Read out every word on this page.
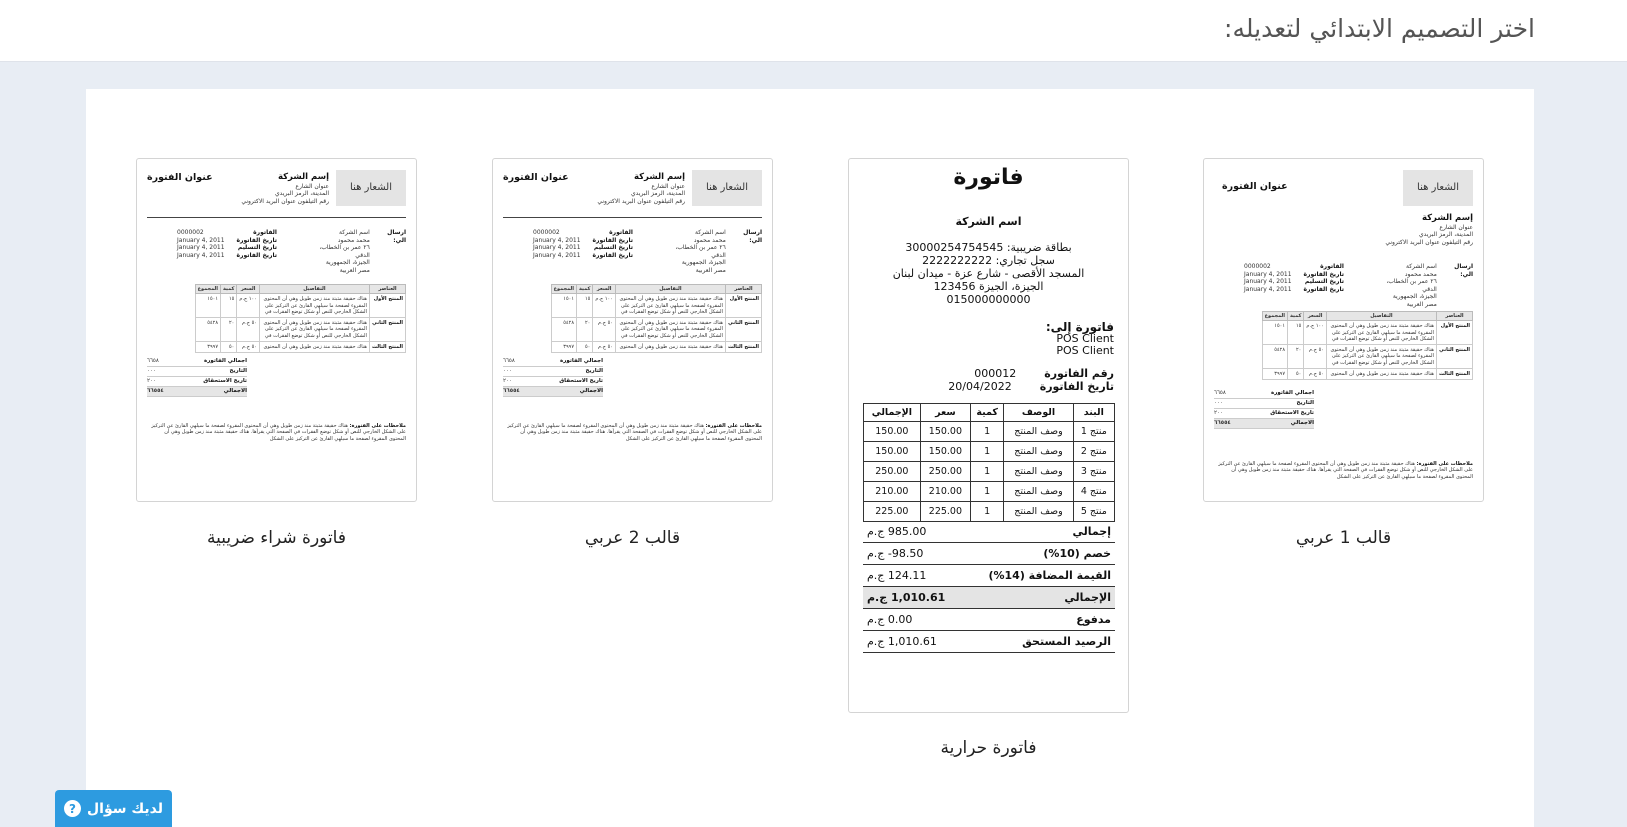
اختر التصميم الابتدائي لتعديله:
الشعار هنا
عنوان الفتورة
إسم الشركة
عنوان الشارع
المدينة، الرمز البريدي
رقم التيلفون عنوان البريد الاكتروني
ارسال الي:
اسم الشركة
محمد محمود
٢٦ عمر بن الخطاب، الدقي
الجيزة، الجمهورية
مصر العربية
الفاتورة
0000002
تاريخ الفاتورة
January 4, 2011
تاريخ التسليم
January 4, 2011
تاريخ الفاتورة
January 4, 2011
العناصر	التفاصيل	السعر	كمية	المجموع
المنتج الأول	هناك حقيقة مثبتة منذ زمن طويل وهي أن المحتوى المقروء لصفحة ما سيلهي القارئ عن التركيز على الشكل الخارجي للنص أو شكل توضع الفقرات في	١٠٠ ج.م	١٥	١٥٠١
المنتج الثاني	هناك حقيقة مثبتة منذ زمن طويل وهي أن المحتوى المقروء لصفحة ما سيلهي القارئ عن التركيز على الشكل الخارجي للنص أو شكل توضع الفقرات في	٥٠ ج.م	٢٠	٥٤٢٨
المنتج الثالث	هناك حقيقة مثبتة منذ زمن طويل وهي أن المحتوى	٥٠ ج.م	٥٠	٣٩٩٧
اجمالي الفاتورة
٦٦٥٨
التاريخ
٠٠٠
تاريخ الاستحقاق
٢٠٠
الاجمالي
٦٦٥٥٤
ملاحظات على الفتورة: هناك حقيقة مثبتة منذ زمن طويل وهي أن المحتوى المقروء لصفحة ما سيلهي القارئ عن التركيز على الشكل الخارجي للنص أو شكل توضع الفقرات في الصفحة التي يقرأها. هناك حقيقة مثبتة منذ زمن طويل وهي أن المحتوى المقروء لصفحة ما سيلهي القارئ عن التركيز على الشكل
قالب 1 عربي
فاتورة
اسم الشركة
بطاقة ضريبية: 30000254754545
سجل تجاري: 2222222222
المسجد الأقصى - شارع عزة - ميدان لبنان
الجيزة، الجيزة 123456
015000000000
فاتورة إلى:
POS Client
POS Client
رقم الفاتورة
000012
تاريخ الفاتورة
20/04/2022
البند	الوصف	كمية	سعر	الإجمالي
منتج 1	وصف المنتج	1	150.00	150.00
منتج 2	وصف المنتج	1	150.00	150.00
منتج 3	وصف المنتج	1	250.00	250.00
منتج 4	وصف المنتج	1	210.00	210.00
منتج 5	وصف المنتج	1	225.00	225.00
إجمالي
985.00 ج.م
خصم (10%)
98.50- ج.م
القيمة المضافة (14%)
124.11 ج.م
الإجمالي
1,010.61 ج.م
مدفوع
0.00 ج.م
الرصيد المستحق
1,010.61 ج.م
فاتورة حرارية
الشعار هنا
إسم الشركة
عنوان الشارع
المدينة، الرمز البريدي
رقم التيلفون عنوان البريد الاكتروني
عنوان الفتورة
ارسال الي:
اسم الشركة
محمد محمود
٢٦ عمر بن الخطاب، الدقي
الجيزة، الجمهورية
مصر العربية
الفاتورة
0000002
تاريخ الفاتورة
January 4, 2011
تاريخ التسليم
January 4, 2011
تاريخ الفاتورة
January 4, 2011
العناصر	التفاصيل	السعر	كمية	المجموع
المنتج الأول	هناك حقيقة مثبتة منذ زمن طويل وهي أن المحتوى المقروء لصفحة ما سيلهي القارئ عن التركيز على الشكل الخارجي للنص أو شكل توضع الفقرات في	١٠٠ ج.م	١٥	١٥٠١
المنتج الثاني	هناك حقيقة مثبتة منذ زمن طويل وهي أن المحتوى المقروء لصفحة ما سيلهي القارئ عن التركيز على الشكل الخارجي للنص أو شكل توضع الفقرات في	٥٠ ج.م	٢٠	٥٤٢٨
المنتج الثالث	هناك حقيقة مثبتة منذ زمن طويل وهي أن المحتوى	٥٠ ج.م	٥٠	٣٩٩٧
اجمالي الفاتورة
٦٦٥٨
التاريخ
٠٠٠
تاريخ الاستحقاق
٢٠٠
الاجمالي
٦٦٥٥٤
ملاحظات على الفتورة: هناك حقيقة مثبتة منذ زمن طويل وهي أن المحتوى المقروء لصفحة ما سيلهي القارئ عن التركيز على الشكل الخارجي للنص أو شكل توضع الفقرات في الصفحة التي يقرأها. هناك حقيقة مثبتة منذ زمن طويل وهي أن المحتوى المقروء لصفحة ما سيلهي القارئ عن التركيز على الشكل
قالب 2 عربي
الشعار هنا
إسم الشركة
عنوان الشارع
المدينة، الرمز البريدي
رقم التيلفون عنوان البريد الاكتروني
عنوان الفتورة
ارسال الي:
اسم الشركة
محمد محمود
٢٦ عمر بن الخطاب، الدقي
الجيزة، الجمهورية
مصر العربية
الفاتورة
0000002
تاريخ الفاتورة
January 4, 2011
تاريخ التسليم
January 4, 2011
تاريخ الفاتورة
January 4, 2011
العناصر	التفاصيل	السعر	كمية	المجموع
المنتج الأول	هناك حقيقة مثبتة منذ زمن طويل وهي أن المحتوى المقروء لصفحة ما سيلهي القارئ عن التركيز على الشكل الخارجي للنص أو شكل توضع الفقرات في	١٠٠ ج.م	١٥	١٥٠١
المنتج الثاني	هناك حقيقة مثبتة منذ زمن طويل وهي أن المحتوى المقروء لصفحة ما سيلهي القارئ عن التركيز على الشكل الخارجي للنص أو شكل توضع الفقرات في	٥٠ ج.م	٢٠	٥٤٢٨
المنتج الثالث	هناك حقيقة مثبتة منذ زمن طويل وهي أن المحتوى	٥٠ ج.م	٥٠	٣٩٩٧
اجمالي الفاتورة
٦٦٥٨
التاريخ
٠٠٠
تاريخ الاستحقاق
٢٠٠
الاجمالي
٦٦٥٥٤
ملاحظات على الفتورة: هناك حقيقة مثبتة منذ زمن طويل وهي أن المحتوى المقروء لصفحة ما سيلهي القارئ عن التركيز على الشكل الخارجي للنص أو شكل توضع الفقرات في الصفحة التي يقرأها. هناك حقيقة مثبتة منذ زمن طويل وهي أن المحتوى المقروء لصفحة ما سيلهي القارئ عن التركيز على الشكل
فاتورة شراء ضريبية
لديك سؤال
?
